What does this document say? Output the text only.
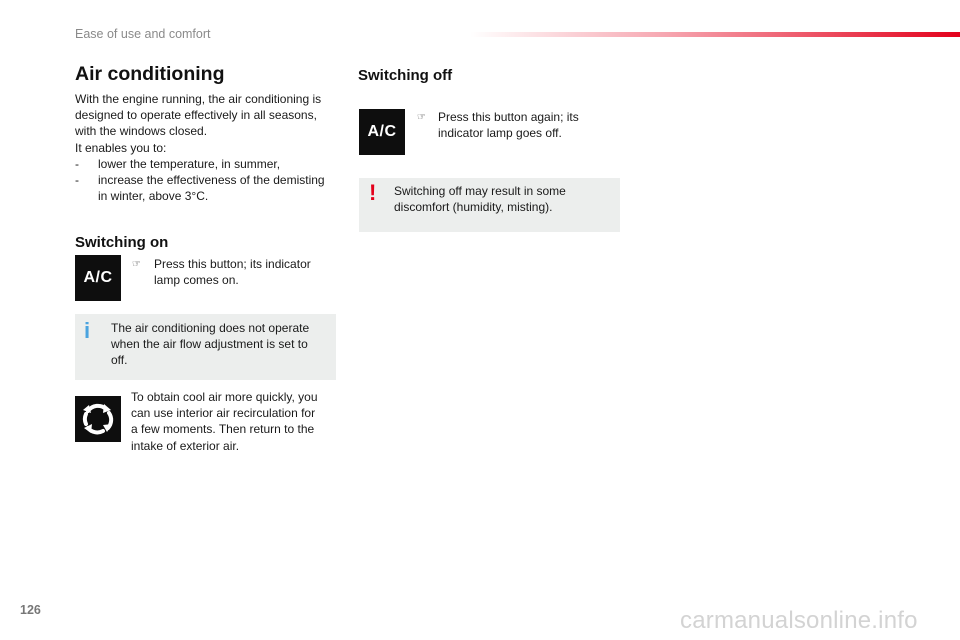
Ease of use and comfort
Air conditioning
With the engine running, the air conditioning is
designed to operate effectively in all seasons,
with the windows closed.
It enables you to:
-	lower the temperature, in summer,
-	increase the effectiveness of the demisting
in winter, above 3°C.
Switching on
A/C
☞ Press this button; its indicator
lamp comes on.
i The air conditioning does not operate
when the air flow adjustment is set to
off.
To obtain cool air more quickly, you
can use interior air recirculation for
a few moments. Then return to the
intake of exterior air.
Switching off
A/C
☞ Press this button again; its
indicator lamp goes off.
! Switching off may result in some
discomfort (humidity, misting).
126	carmanualsonline.info
